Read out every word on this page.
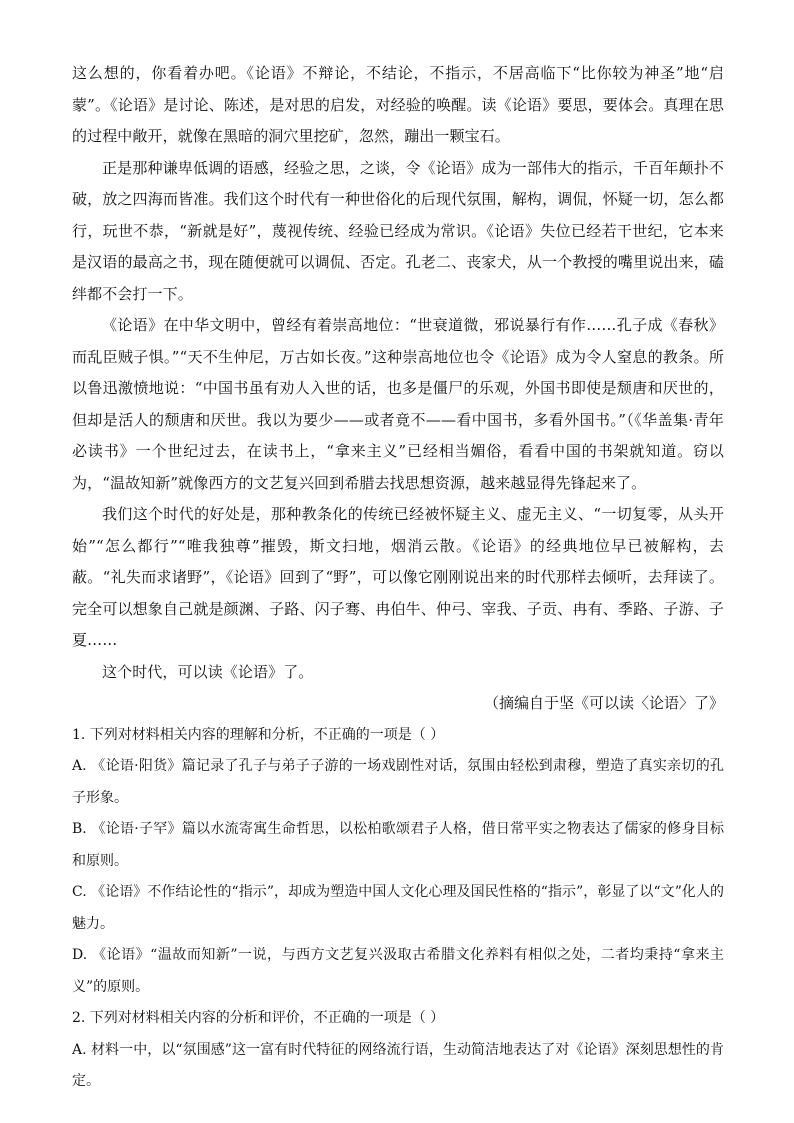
这么想的，你看着办吧。《论语》不辩论，不结论，不指示，不居高临下“比你较为神圣”地“启蒙”。《论语》是讨论、陈述，是对思的启发，对经验的唤醒。读《论语》要思，要体会。真理在思的过程中敞开，就像在黑暗的洞穴里挖矿，忽然，蹦出一颗宝石。

正是那种谦卑低调的语感，经验之思，之谈，令《论语》成为一部伟大的指示，千百年颠扑不破，放之四海而皆准。我们这个时代有一种世俗化的后现代氛围，解构，调侃，怀疑一切，怎么都行，玩世不恭，“新就是好”，蔑视传统、经验已经成为常识。《论语》失位已经若干世纪，它本来是汉语的最高之书，现在随便就可以调侃、否定。孔老二、丧家犬，从一个教授的嘴里说出来，磕绊都不会打一下。

《论语》在中华文明中，曾经有着崇高地位：“世衰道微，邪说暴行有作……孔子成《春秋》而乱臣贼子惧。”“天不生仲尼，万古如长夜。”这种崇高地位也令《论语》成为令人窒息的教条。所以鲁迅激愤地说：“中国书虽有劝人入世的话，也多是僵尸的乐观，外国书即使是颓唐和厌世的，但却是活人的颓唐和厌世。我以为要少——或者竟不——看中国书，多看外国书。”（《华盖集·青年必读书》一个世纪过去，在读书上，“拿来主义”已经相当媚俗，看看中国的书架就知道。窃以为，“温故知新”就像西方的文艺复兴回到希腊去找思想资源，越来越显得先锋起来了。

我们这个时代的好处是，那种教条化的传统已经被怀疑主义、虚无主义、“一切复零，从头开始”“怎么都行”“唯我独尊”摧毁，斯文扫地，烟消云散。《论语》的经典地位早已被解构，去蔽。“礼失而求诸野”，《论语》回到了“野”，可以像它刚刚说出来的时代那样去倾听，去拜读了。完全可以想象自己就是颜渊、子路、闪子骞、冉伯牛、仲弓、宰我、子贡、冉有、季路、子游、子夏……

这个时代，可以读《论语》了。

（摘编自于坚《可以读〈论语〉了》

1. 下列对材料相关内容的理解和分析，不正确的一项是（ ）

A. 《论语·阳货》篇记录了孔子与弟子子游的一场戏剧性对话，氛围由轻松到肃穆，塑造了真实亲切的孔子形象。

B. 《论语·子罕》篇以水流寄寓生命哲思，以松柏歌颂君子人格，借日常平实之物表达了儒家的修身目标和原则。

C. 《论语》不作结论性的“指示”，却成为塑造中国人文化心理及国民性格的“指示”，彰显了以“文”化人的魅力。

D. 《论语》“温故而知新”一说，与西方文艺复兴汲取古希腊文化养料有相似之处，二者均秉持“拿来主义”的原则。

2. 下列对材料相关内容的分析和评价，不正确的一项是（ ）

A. 材料一中，以“氛围感”这一富有时代特征的网络流行语，生动简洁地表达了对《论语》深刻思想性的肯定。
